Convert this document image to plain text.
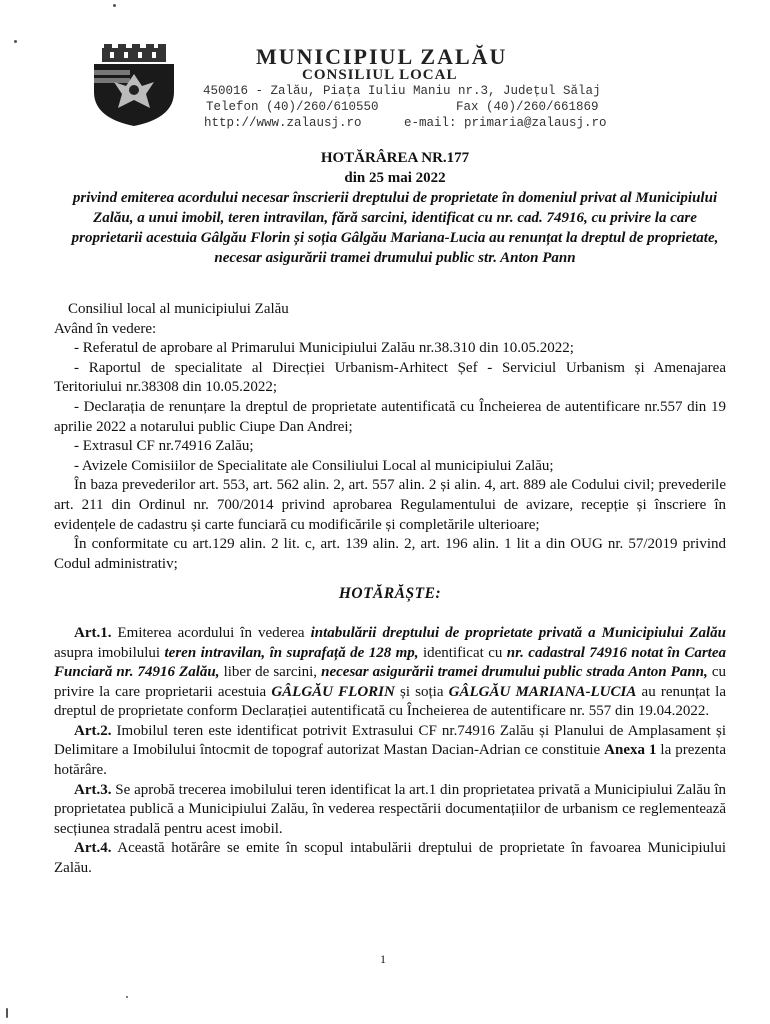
MUNICIPIUL ZALĂU
CONSILIUL LOCAL
450016 - Zalău, Piața Iuliu Maniu nr.3, Județul Sălaj
Telefon (40)/260/610550	Fax (40)/260/661869
http://www.zalausj.ro	e-mail: primaria@zalausj.ro
HOTĂRÂREA NR.177
din 25 mai 2022
privind emiterea acordului necesar înscrierii dreptului de proprietate în domeniul privat al Municipiului Zalău, a unui imobil, teren intravilan, fără sarcini, identificat cu nr. cad. 74916, cu privire la care proprietarii acestuia Gâlgău Florin și soția Gâlgău Mariana-Lucia au renunțat la dreptul de proprietate, necesar asigurării tramei drumului public str. Anton Pann

Consiliul local al municipiului Zalău

Având în vedere:

- Referatul de aprobare al Primarului Municipiului Zalău nr.38.310 din 10.05.2022;

- Raportul de specialitate al Direcției Urbanism-Arhitect Șef - Serviciul Urbanism și Amenajarea Teritoriului nr.38308 din 10.05.2022;

- Declarația de renunțare la dreptul de proprietate autentificată cu Încheierea de autentificare nr.557 din 19 aprilie 2022 a notarului public Ciupe Dan Andrei;

- Extrasul CF nr.74916 Zalău;

- Avizele Comisiilor de Specialitate ale Consiliului Local al municipiului Zalău;

În baza prevederilor art. 553, art. 562 alin. 2, art. 557 alin. 2 și alin. 4, art. 889 ale Codului civil; prevederile art. 211 din Ordinul nr. 700/2014 privind aprobarea Regulamentului de avizare, recepție și înscriere în evidențele de cadastru și carte funciară cu modificările și completările ulterioare;

În conformitate cu art.129 alin. 2 lit. c, art. 139 alin. 2, art. 196 alin. 1 lit a din OUG nr. 57/2019 privind Codul administrativ;

HOTĂRĂȘTE:

Art.1. Emiterea acordului în vederea intabulării dreptului de proprietate privată a Municipiului Zalău asupra imobilului teren intravilan, în suprafață de 128 mp, identificat cu nr. cadastral 74916 notat în Cartea Funciară nr. 74916 Zalău, liber de sarcini, necesar asigurării tramei drumului public strada Anton Pann, cu privire la care proprietarii acestuia GÂLGĂU FLORIN și soția GÂLGĂU MARIANA-LUCIA au renunțat la dreptul de proprietate conform Declarației autentificată cu Încheierea de autentificare nr. 557 din 19.04.2022.

Art.2. Imobilul teren este identificat potrivit Extrasului CF nr.74916 Zalău și Planului de Amplasament și Delimitare a Imobilului întocmit de topograf autorizat Mastan Dacian-Adrian ce constituie Anexa 1 la prezenta hotărâre.

Art.3. Se aprobă trecerea imobilului teren identificat la art.1 din proprietatea privată a Municipiului Zalău în proprietatea publică a Municipiului Zalău, în vederea respectării documentațiilor de urbanism ce reglementează secțiunea stradală pentru acest imobil.

Art.4. Această hotărâre se emite în scopul intabulării dreptului de proprietate în favoarea Municipiului Zalău.

1
